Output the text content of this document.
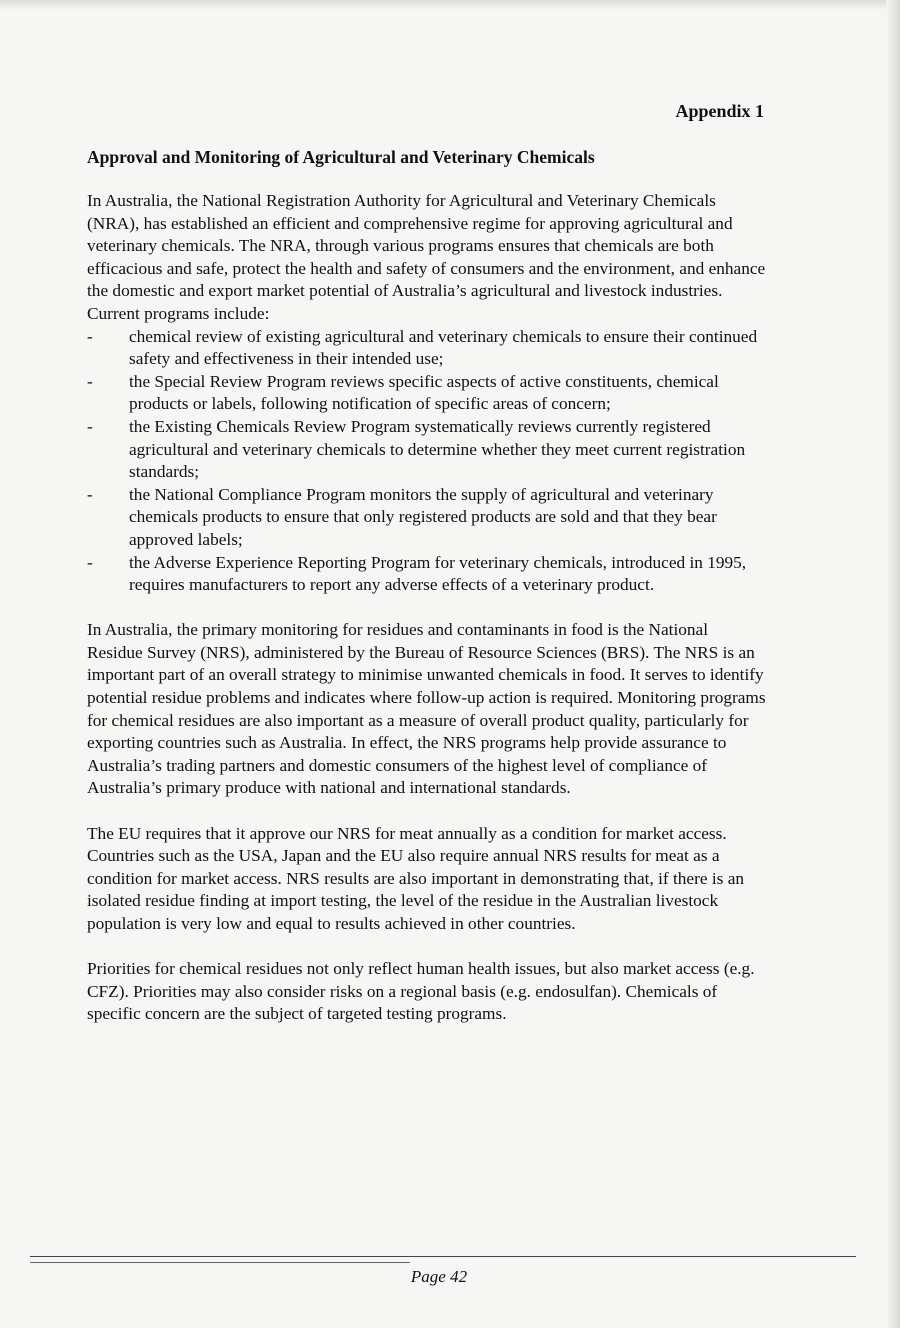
Appendix 1
Approval and Monitoring of Agricultural and Veterinary Chemicals

In Australia, the National Registration Authority for Agricultural and Veterinary Chemicals (NRA), has established an efficient and comprehensive regime for approving agricultural and veterinary chemicals. The NRA, through various programs ensures that chemicals are both efficacious and safe, protect the health and safety of consumers and the environment, and enhance the domestic and export market potential of Australia’s agricultural and livestock industries. Current programs include:

- chemical review of existing agricultural and veterinary chemicals to ensure their continued safety and effectiveness in their intended use;
- the Special Review Program reviews specific aspects of active constituents, chemical products or labels, following notification of specific areas of concern;
- the Existing Chemicals Review Program systematically reviews currently registered agricultural and veterinary chemicals to determine whether they meet current registration standards;
- the National Compliance Program monitors the supply of agricultural and veterinary chemicals products to ensure that only registered products are sold and that they bear approved labels;
- the Adverse Experience Reporting Program for veterinary chemicals, introduced in 1995, requires manufacturers to report any adverse effects of a veterinary product.

In Australia, the primary monitoring for residues and contaminants in food is the National Residue Survey (NRS), administered by the Bureau of Resource Sciences (BRS). The NRS is an important part of an overall strategy to minimise unwanted chemicals in food. It serves to identify potential residue problems and indicates where follow-up action is required. Monitoring programs for chemical residues are also important as a measure of overall product quality, particularly for exporting countries such as Australia. In effect, the NRS programs help provide assurance to Australia’s trading partners and domestic consumers of the highest level of compliance of Australia’s primary produce with national and international standards.

The EU requires that it approve our NRS for meat annually as a condition for market access. Countries such as the USA, Japan and the EU also require annual NRS results for meat as a condition for market access. NRS results are also important in demonstrating that, if there is an isolated residue finding at import testing, the level of the residue in the Australian livestock population is very low and equal to results achieved in other countries.

Priorities for chemical residues not only reflect human health issues, but also market access (e.g. CFZ). Priorities may also consider risks on a regional basis (e.g. endosulfan). Chemicals of specific concern are the subject of targeted testing programs.

Page 42
